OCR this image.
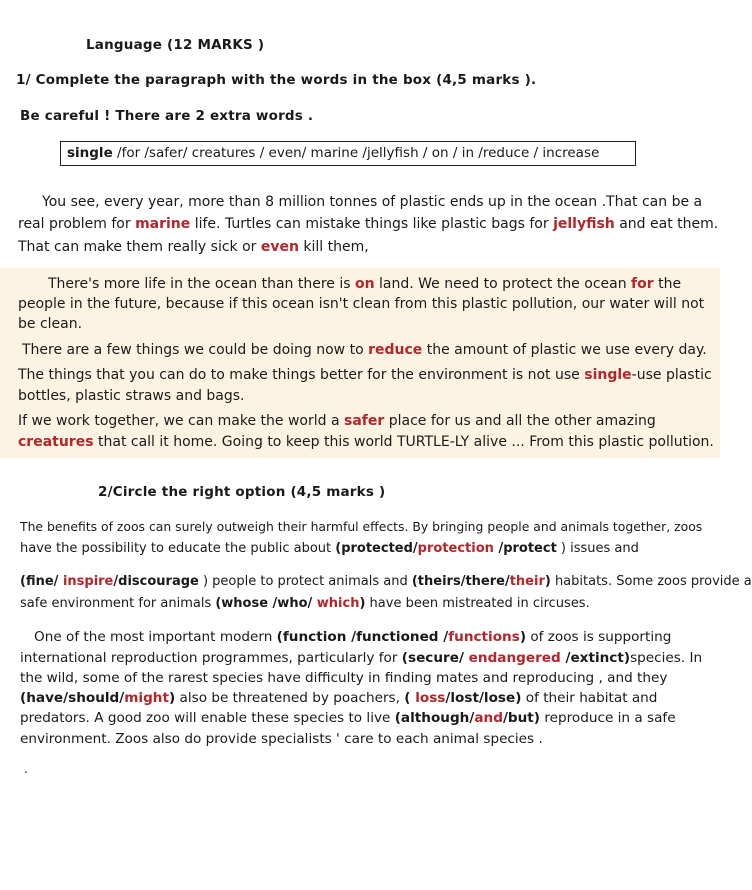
Language (12 MARKS )
1/ Complete the paragraph with the words in the box (4,5 marks ).
Be careful ! There are 2 extra words .
single /for /safer/ creatures / even/ marine /jellyfish / on / in /reduce / increase
You see, every year, more than 8 million tonnes of plastic ends up in the ocean .That can be a
real problem for marine life. Turtles can mistake things like plastic bags for jellyfish and eat them.
That can make them really sick or even kill them,
There's more life in the ocean than there is on land. We need to protect the ocean for the
people in the future, because if this ocean isn't clean from this plastic pollution, our water will not
be clean.
There are a few things we could be doing now to reduce the amount of plastic we use every day.
The things that you can do to make things better for the environment is not use single-use plastic
bottles, plastic straws and bags.
If we work together, we can make the world a safer place for us and all the other amazing
creatures that call it home. Going to keep this world TURTLE-LY alive ... From this plastic pollution.
2/Circle the right option (4,5 marks )
The benefits of zoos can surely outweigh their harmful effects. By bringing people and animals together, zoos
have the possibility to educate the public about (protected/protection /protect ) issues and
(fine/ inspire/discourage ) people to protect animals and (theirs/there/their) habitats. Some zoos provide a
safe environment for animals (whose /who/ which) have been mistreated in circuses.
One of the most important modern (function /functioned /functions) of zoos is supporting
international reproduction programmes, particularly for (secure/ endangered /extinct)species. In
the wild, some of the rarest species have difficulty in finding mates and reproducing , and they
(have/should/might) also be threatened by poachers, ( loss/lost/lose) of their habitat and
predators. A good zoo will enable these species to live (although/and/but) reproduce in a safe
environment. Zoos also do provide specialists ' care to each animal species .
.
